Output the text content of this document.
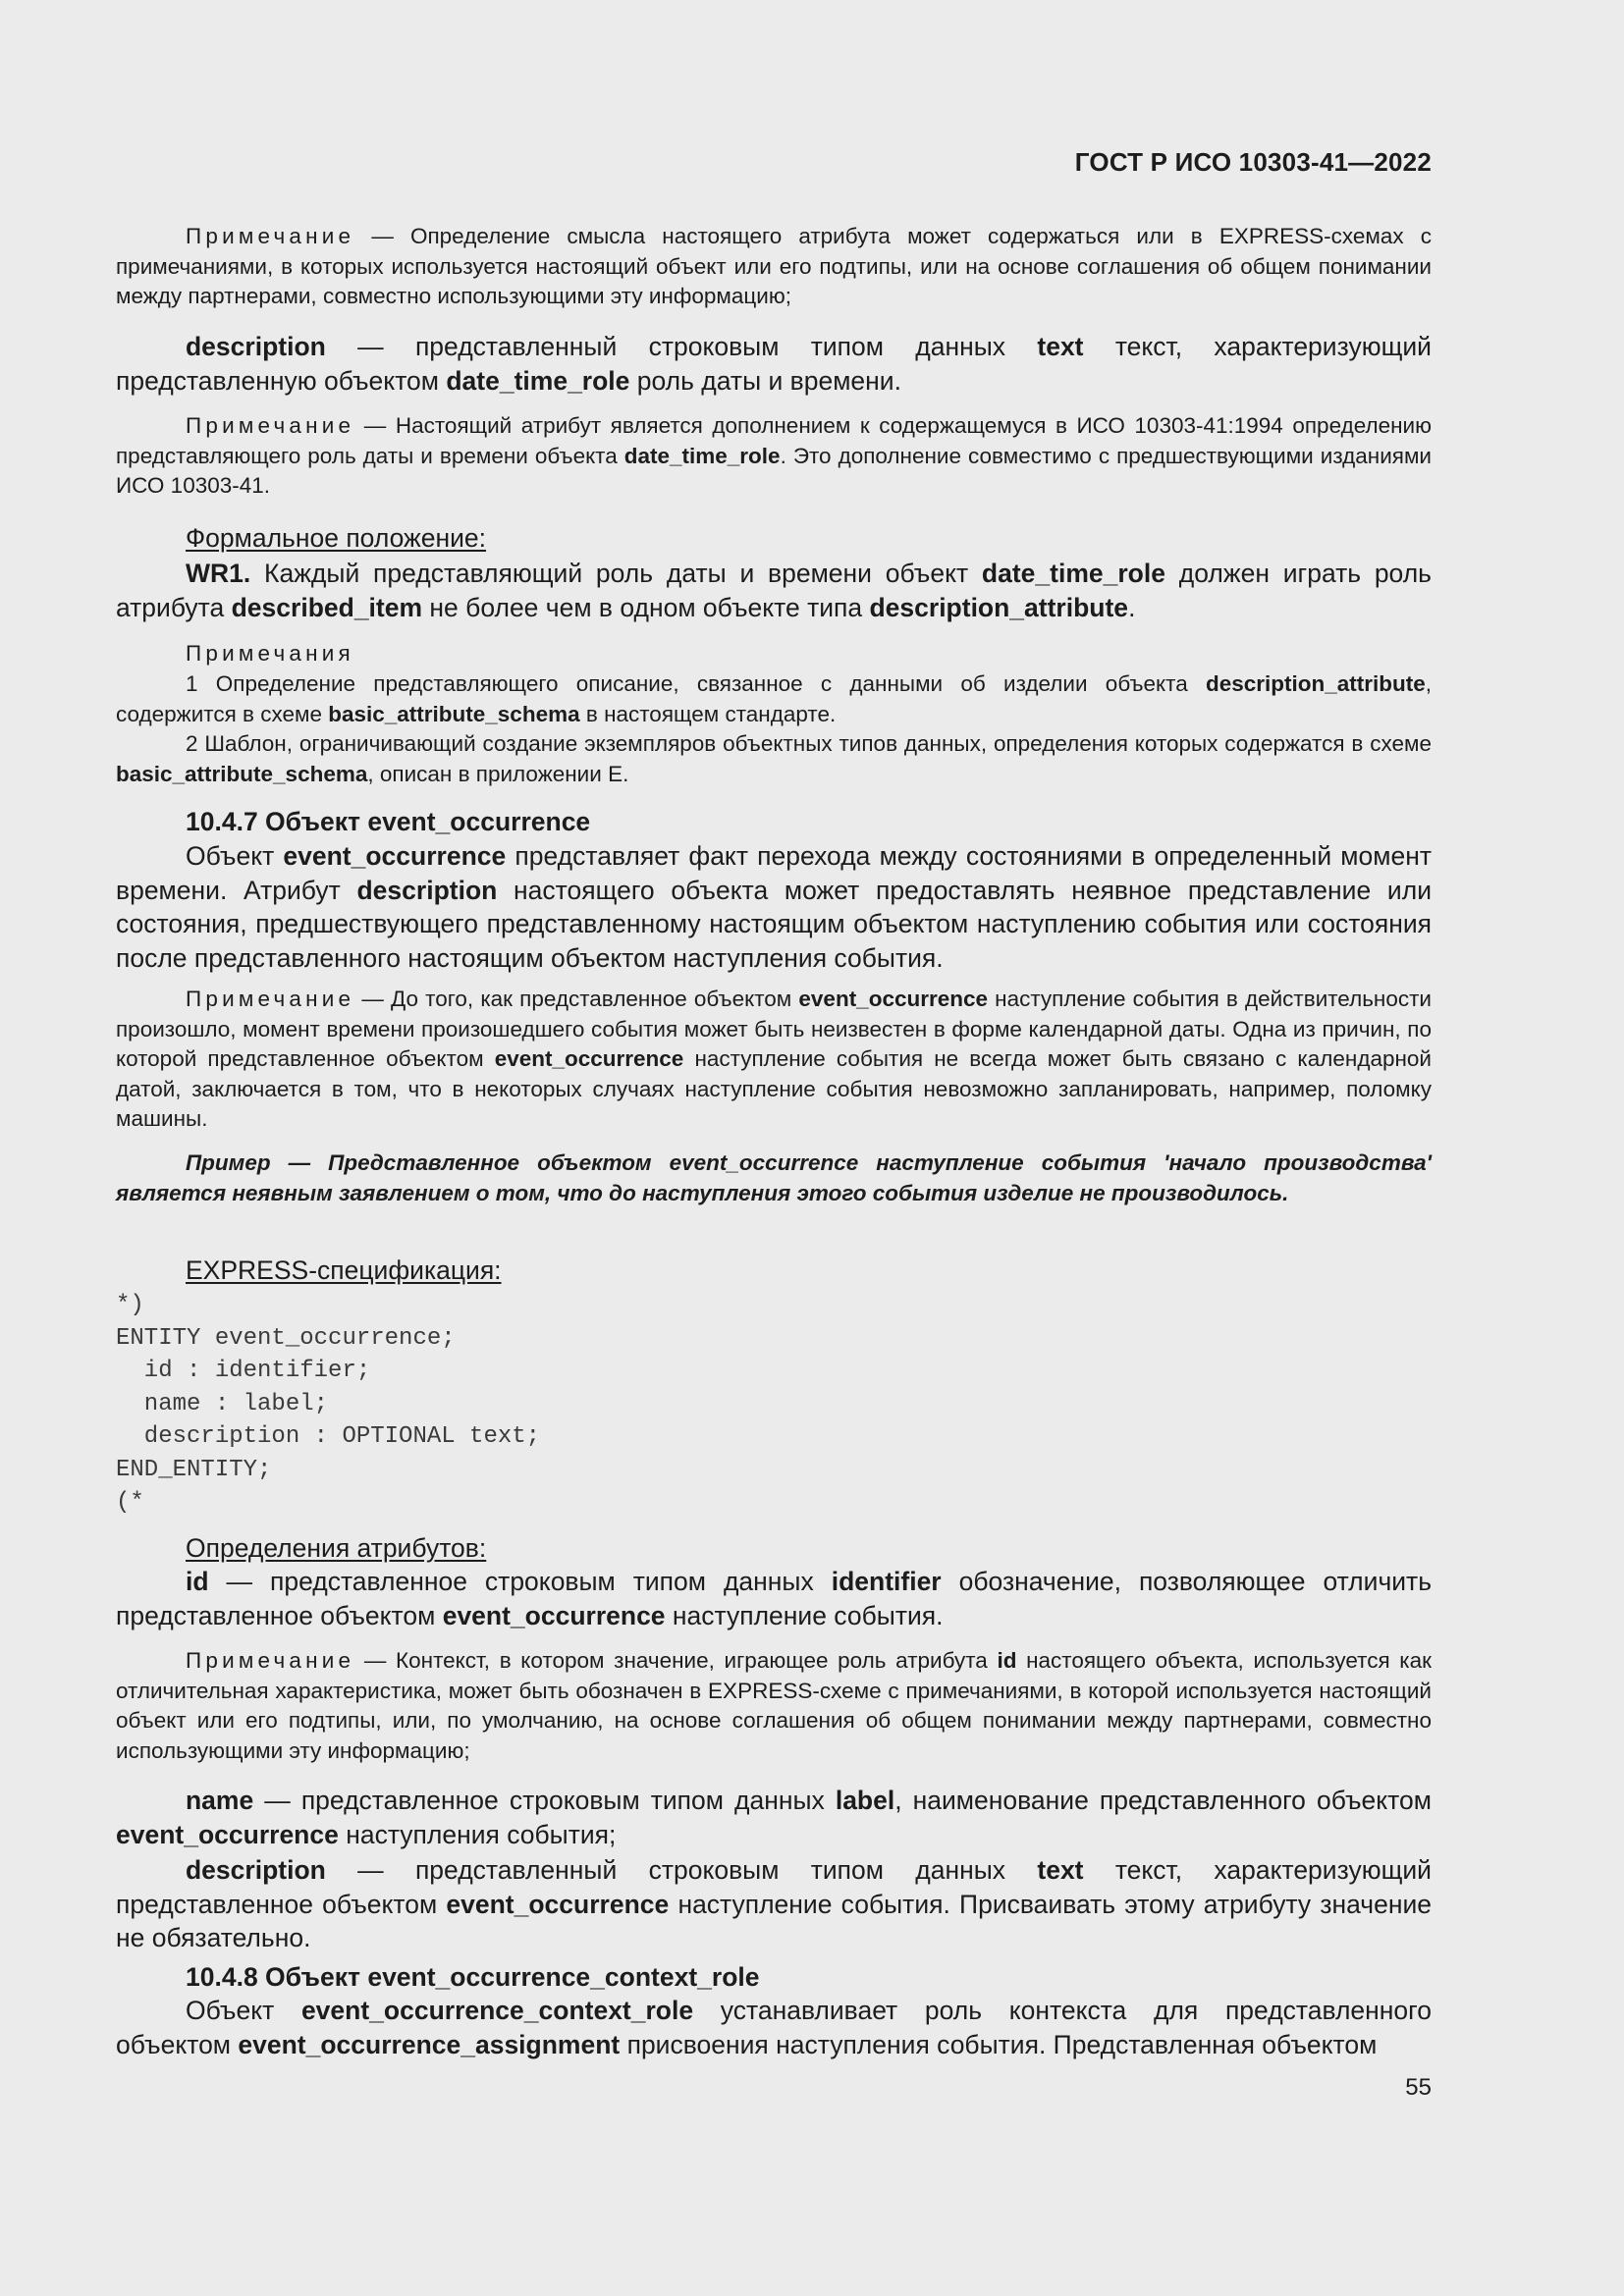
ГОСТ Р ИСО 10303-41—2022
Примечание — Определение смысла настоящего атрибута может содержаться или в EXPRESS-схемах с примечаниями, в которых используется настоящий объект или его подтипы, или на основе соглашения об общем понимании между партнерами, совместно использующими эту информацию;
description — представленный строковым типом данных text текст, характеризующий представленную объектом date_time_role роль даты и времени.
Примечание — Настоящий атрибут является дополнением к содержащемуся в ИСО 10303-41:1994 определению представляющего роль даты и времени объекта date_time_role. Это дополнение совместимо с предшествующими изданиями ИСО 10303-41.
Формальное положение:
WR1. Каждый представляющий роль даты и времени объект date_time_role должен играть роль атрибута described_item не более чем в одном объекте типа description_attribute.
Примечания
1 Определение представляющего описание, связанное с данными об изделии объекта description_attribute, содержится в схеме basic_attribute_schema в настоящем стандарте.
2 Шаблон, ограничивающий создание экземпляров объектных типов данных, определения которых содержатся в схеме basic_attribute_schema, описан в приложении E.
10.4.7 Объект event_occurrence
Объект event_occurrence представляет факт перехода между состояниями в определенный момент времени. Атрибут description настоящего объекта может предоставлять неявное представление или состояния, предшествующего представленному настоящим объектом наступлению события или состояния после представленного настоящим объектом наступления события.
Примечание — До того, как представленное объектом event_occurrence наступление события в действительности произошло, момент времени произошедшего события может быть неизвестен в форме календарной даты. Одна из причин, по которой представленное объектом event_occurrence наступление события не всегда может быть связано с календарной датой, заключается в том, что в некоторых случаях наступление события невозможно запланировать, например, поломку машины.
Пример — Представленное объектом event_occurrence наступление события 'начало производства' является неявным заявлением о том, что до наступления этого события изделие не производилось.
EXPRESS-спецификация:
*)
ENTITY event_occurrence;
id : identifier;
name : label;
description : OPTIONAL text;
END_ENTITY;
(*
Определения атрибутов:
id — представленное строковым типом данных identifier обозначение, позволяющее отличить представленное объектом event_occurrence наступление события.
Примечание — Контекст, в котором значение, играющее роль атрибута id настоящего объекта, используется как отличительная характеристика, может быть обозначен в EXPRESS-схеме с примечаниями, в которой используется настоящий объект или его подтипы, или, по умолчанию, на основе соглашения об общем понимании между партнерами, совместно использующими эту информацию;
name — представленное строковым типом данных label, наименование представленного объектом event_occurrence наступления события;
description — представленный строковым типом данных text текст, характеризующий представленное объектом event_occurrence наступление события. Присваивать этому атрибуту значение не обязательно.
10.4.8 Объект event_occurrence_context_role
Объект event_occurrence_context_role устанавливает роль контекста для представленного объектом event_occurrence_assignment присвоения наступления события. Представленная объектом
55
